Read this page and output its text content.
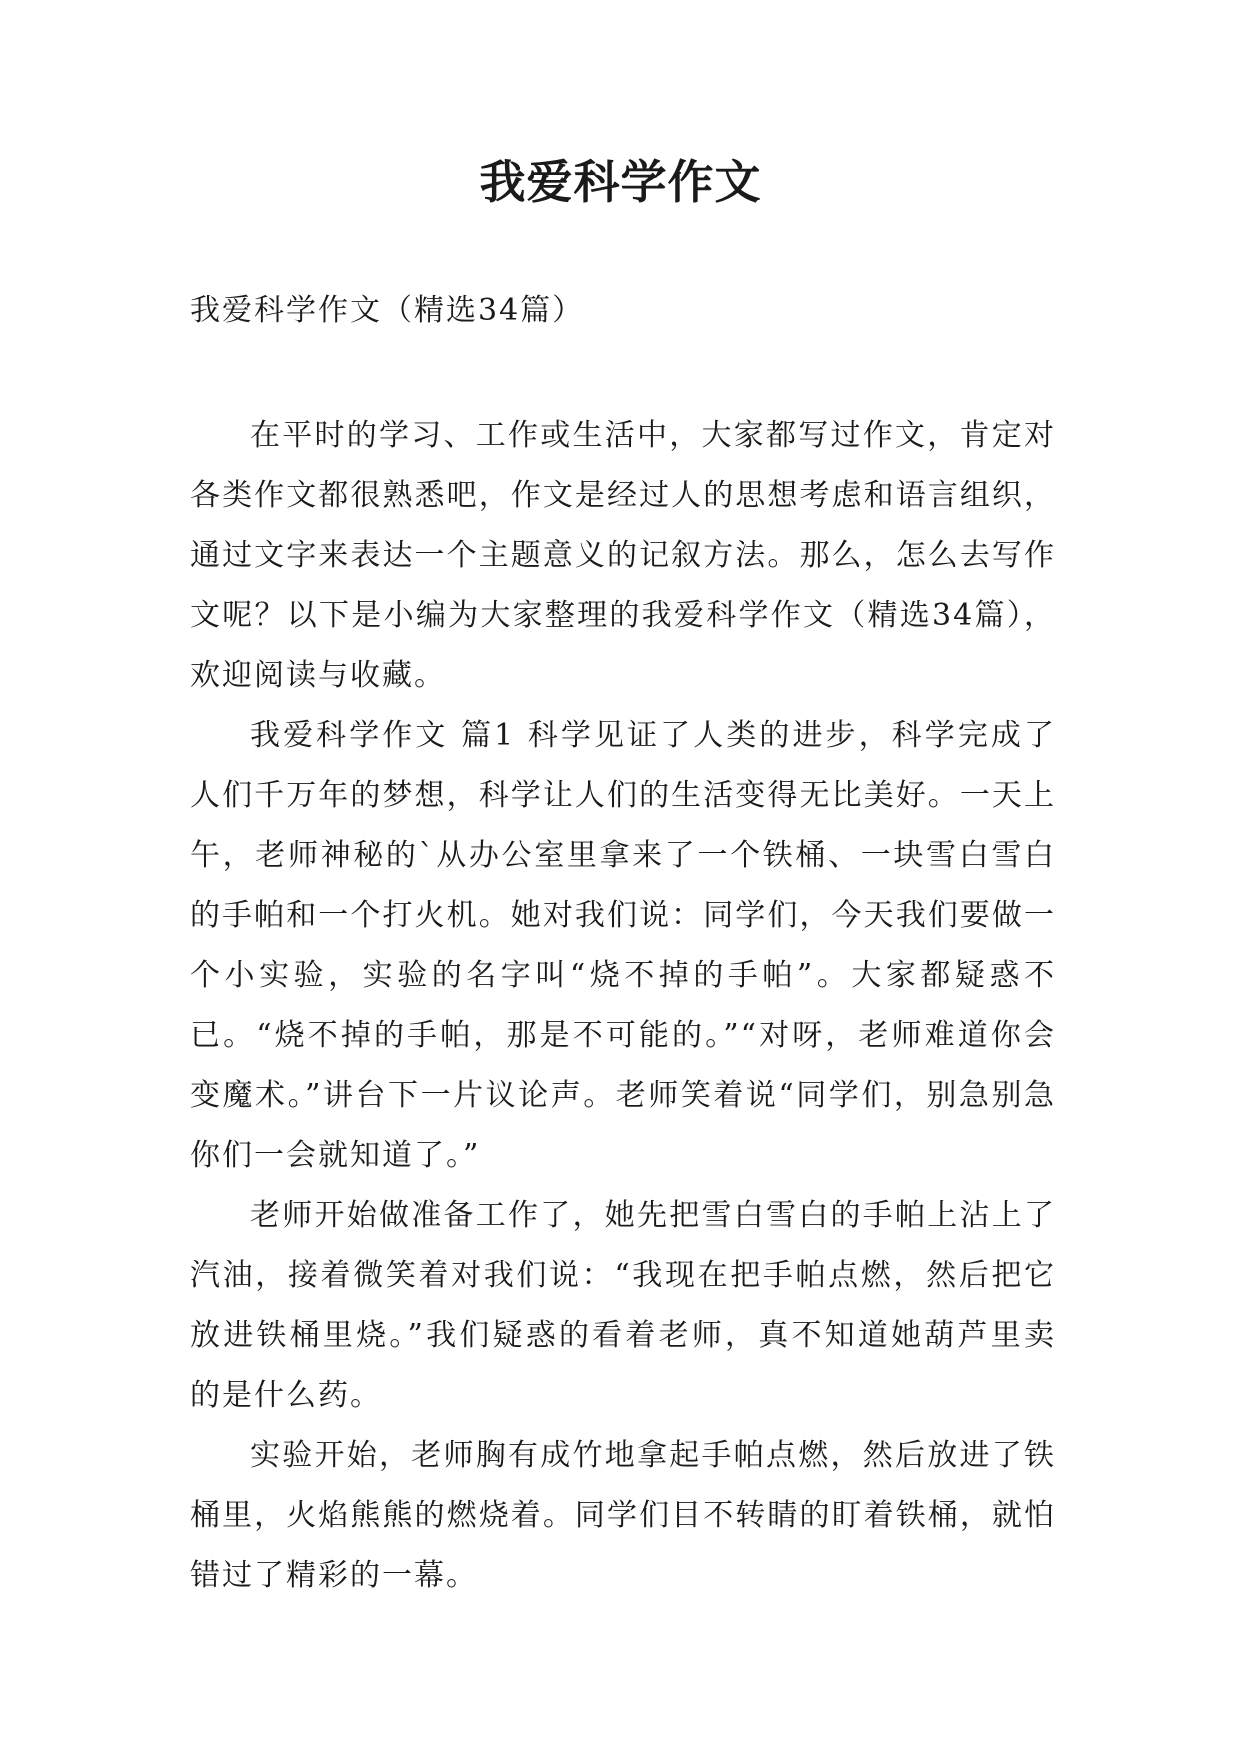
我爱科学作文

我爱科学作文（精选34篇）

在平时的学习、工作或生活中，大家都写过作文，肯定对各类作文都很熟悉吧，作文是经过人的思想考虑和语言组织，通过文字来表达一个主题意义的记叙方法。那么，怎么去写作文呢？以下是小编为大家整理的我爱科学作文（精选34篇），欢迎阅读与收藏。

我爱科学作文 篇1 科学见证了人类的进步，科学完成了人们千万年的梦想，科学让人们的生活变得无比美好。一天上午，老师神秘的`从办公室里拿来了一个铁桶、一块雪白雪白的手帕和一个打火机。她对我们说：同学们，今天我们要做一个小实验，实验的名字叫“烧不掉的手帕”。大家都疑惑不已。“烧不掉的手帕，那是不可能的。”“对呀，老师难道你会变魔术。”讲台下一片议论声。老师笑着说“同学们，别急别急你们一会就知道了。”

老师开始做准备工作了，她先把雪白雪白的手帕上沾上了汽油，接着微笑着对我们说：“我现在把手帕点燃，然后把它放进铁桶里烧。”我们疑惑的看着老师，真不知道她葫芦里卖的是什么药。

实验开始，老师胸有成竹地拿起手帕点燃，然后放进了铁桶里，火焰熊熊的燃烧着。同学们目不转睛的盯着铁桶，就怕错过了精彩的一幕。
